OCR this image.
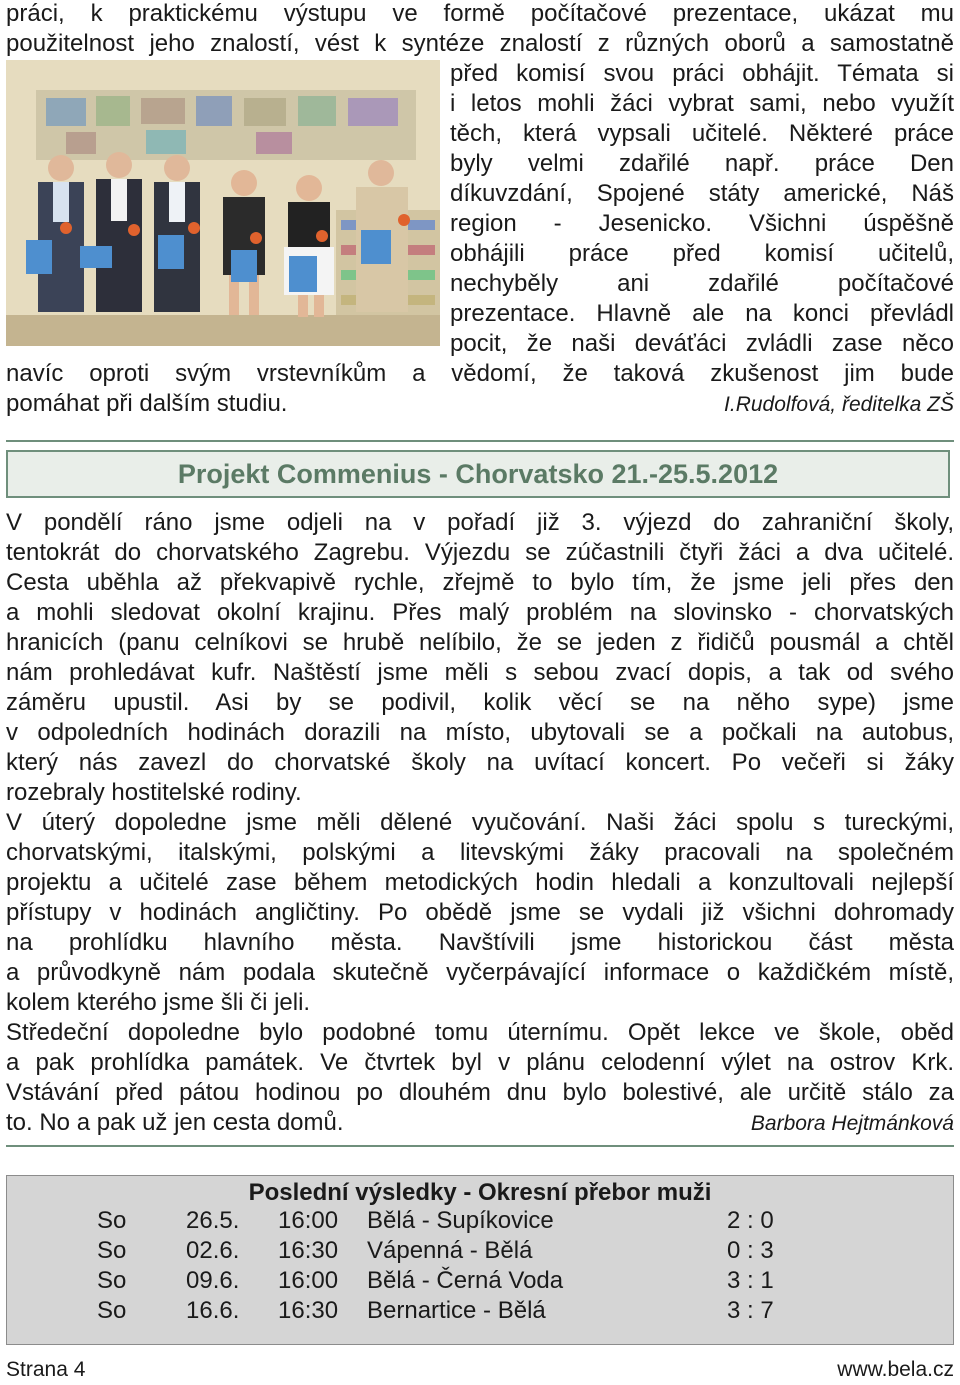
práci, k praktickému výstupu ve formě počítačové prezentace, ukázat mu
použitelnost jeho znalostí, vést k syntéze znalostí z různých oborů a samostatně
před komisí svou práci obhájit. Témata si
i letos mohli žáci vybrat sami, nebo využít
těch, která vypsali učitelé. Některé práce
byly velmi zdařilé např. práce Den
díkuvzdání, Spojené státy americké, Náš
region - Jesenicko. Všichni úspěšně
obhájili práce před komisí učitelů,
nechyběly ani zdařilé počítačové
prezentace. Hlavně ale na konci převládl
pocit, že naši deváťáci zvládli zase něco
navíc oproti svým vrstevníkům a vědomí, že taková zkušenost jim bude
pomáhat při dalším studiu.	I.Rudolfová, ředitelka ZŠ
Projekt Commenius - Chorvatsko 21.-25.5.2012
V pondělí ráno jsme odjeli na v pořadí již 3. výjezd do zahraniční školy,
tentokrát do chorvatského Zagrebu. Výjezdu se zúčastnili čtyři žáci a dva učitelé.
Cesta uběhla až překvapivě rychle, zřejmě to bylo tím, že jsme jeli přes den
a mohli sledovat okolní krajinu. Přes malý problém na slovinsko - chorvatských
hranicích (panu celníkovi se hrubě nelíbilo, že se jeden z řidičů pousmál a chtěl
nám prohledávat kufr. Naštěstí jsme měli s sebou zvací dopis, a tak od svého
záměru upustil. Asi by se podivil, kolik věcí se na něho sype) jsme
v odpoledních hodinách dorazili na místo, ubytovali se a počkali na autobus,
který nás zavezl do chorvatské školy na uvítací koncert. Po večeři si žáky
rozebraly hostitelské rodiny.
V úterý dopoledne jsme měli dělené vyučování. Naši žáci spolu s tureckými,
chorvatskými, italskými, polskými a litevskými žáky pracovali na společném
projektu a učitelé zase během metodických hodin hledali a konzultovali nejlepší
přístupy v hodinách angličtiny. Po obědě jsme se vydali již všichni dohromady
na prohlídku hlavního města. Navštívili jsme historickou část města
a průvodkyně nám podala skutečně vyčerpávající informace o každičkém místě,
kolem kterého jsme šli či jeli.
Středeční dopoledne bylo podobné tomu úternímu. Opět lekce ve škole, oběd
a pak prohlídka památek. Ve čtvrtek byl v plánu celodenní výlet na ostrov Krk.
Vstávání před pátou hodinou po dlouhém dnu bylo bolestivé, ale určitě stálo za
to. No a pak už jen cesta domů.	Barbora Hejtmánková
Poslední výsledky - Okresní přebor muži
So 26.5. 16:00 Bělá - Supíkovice	2 : 0
So 02.6. 16:30 Vápenná - Bělá	0 : 3
So 09.6. 16:00 Bělá - Černá Voda	3 : 1
So 16.6. 16:30 Bernartice - Bělá	3 : 7
Strana 4	www.bela.cz
